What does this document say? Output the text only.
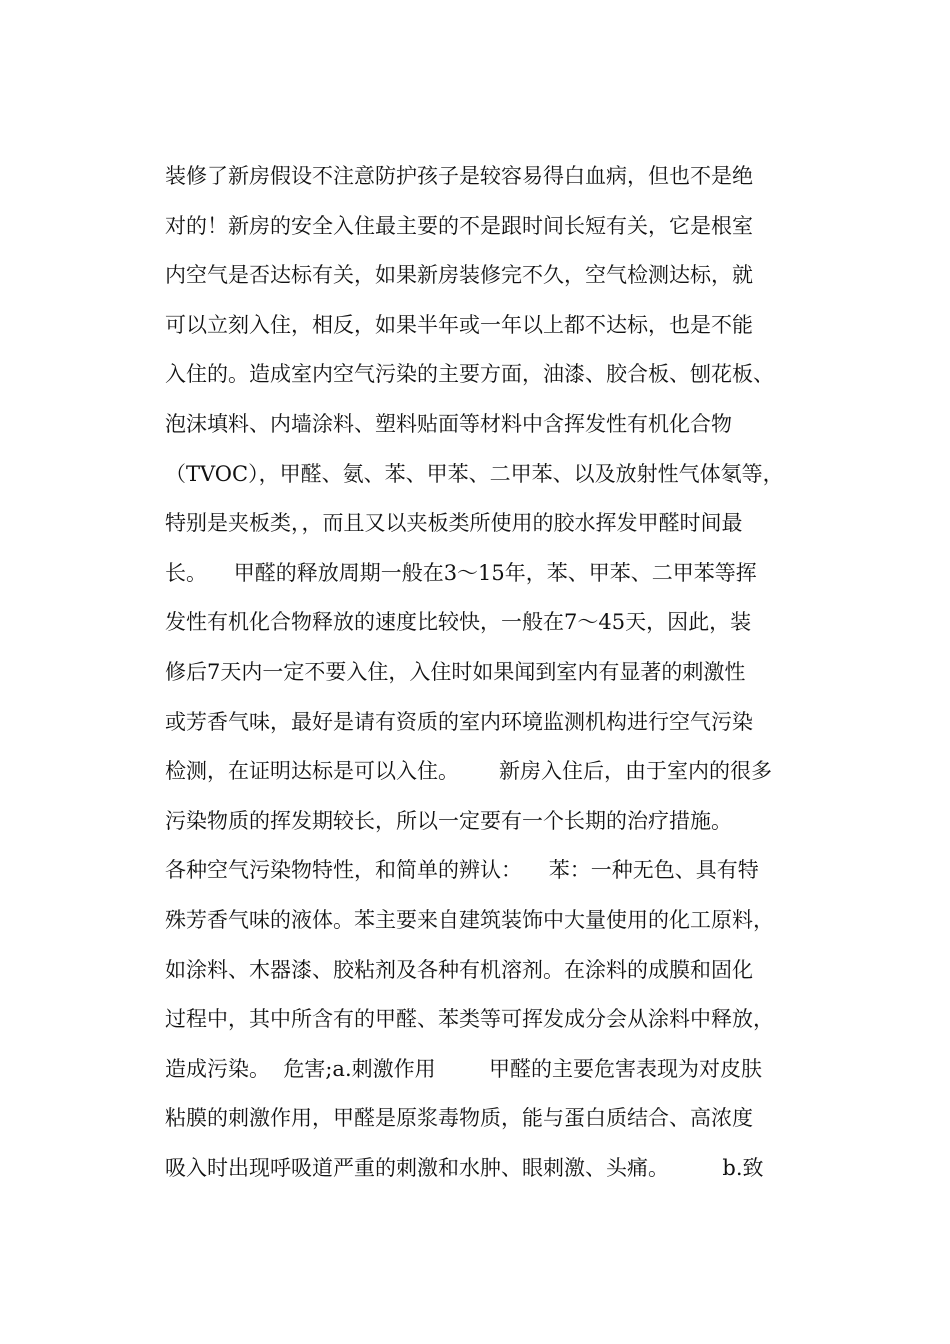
装修了新房假设不注意防护孩子是较容易得白血病，但也不是绝
对的！新房的安全入住最主要的不是跟时间长短有关，它是根室
内空气是否达标有关，如果新房装修完不久，空气检测达标，就
可以立刻入住，相反，如果半年或一年以上都不达标，也是不能
入住的。造成室内空气污染的主要方面，油漆、胶合板、刨花板、
泡沫填料、内墙涂料、塑料贴面等材料中含挥发性有机化合物
（TVOC），甲醛、氨、苯、甲苯、二甲苯、以及放射性气体氡等，
特别是夹板类，，而且又以夹板类所使用的胶水挥发甲醛时间最
长。    甲醛的释放周期一般在3～15年，苯、甲苯、二甲苯等挥
发性有机化合物释放的速度比较快，一般在7～45天，因此，装
修后7天内一定不要入住，入住时如果闻到室内有显著的刺激性
或芳香气味，最好是请有资质的室内环境监测机构进行空气污染
检测，在证明达标是可以入住。      新房入住后，由于室内的很多
污染物质的挥发期较长，所以一定要有一个长期的治疗措施。
各种空气污染物特性，和简单的辨认：    苯：一种无色、具有特
殊芳香气味的液体。苯主要来自建筑装饰中大量使用的化工原料，
如涂料、木器漆、胶粘剂及各种有机溶剂。在涂料的成膜和固化
过程中，其中所含有的甲醛、苯类等可挥发成分会从涂料中释放，
造成污染。  危害;a.刺激作用        甲醛的主要危害表现为对皮肤
粘膜的刺激作用，甲醛是原浆毒物质，能与蛋白质结合、高浓度
吸入时出现呼吸道严重的刺激和水肿、眼刺激、头痛。        b.致
